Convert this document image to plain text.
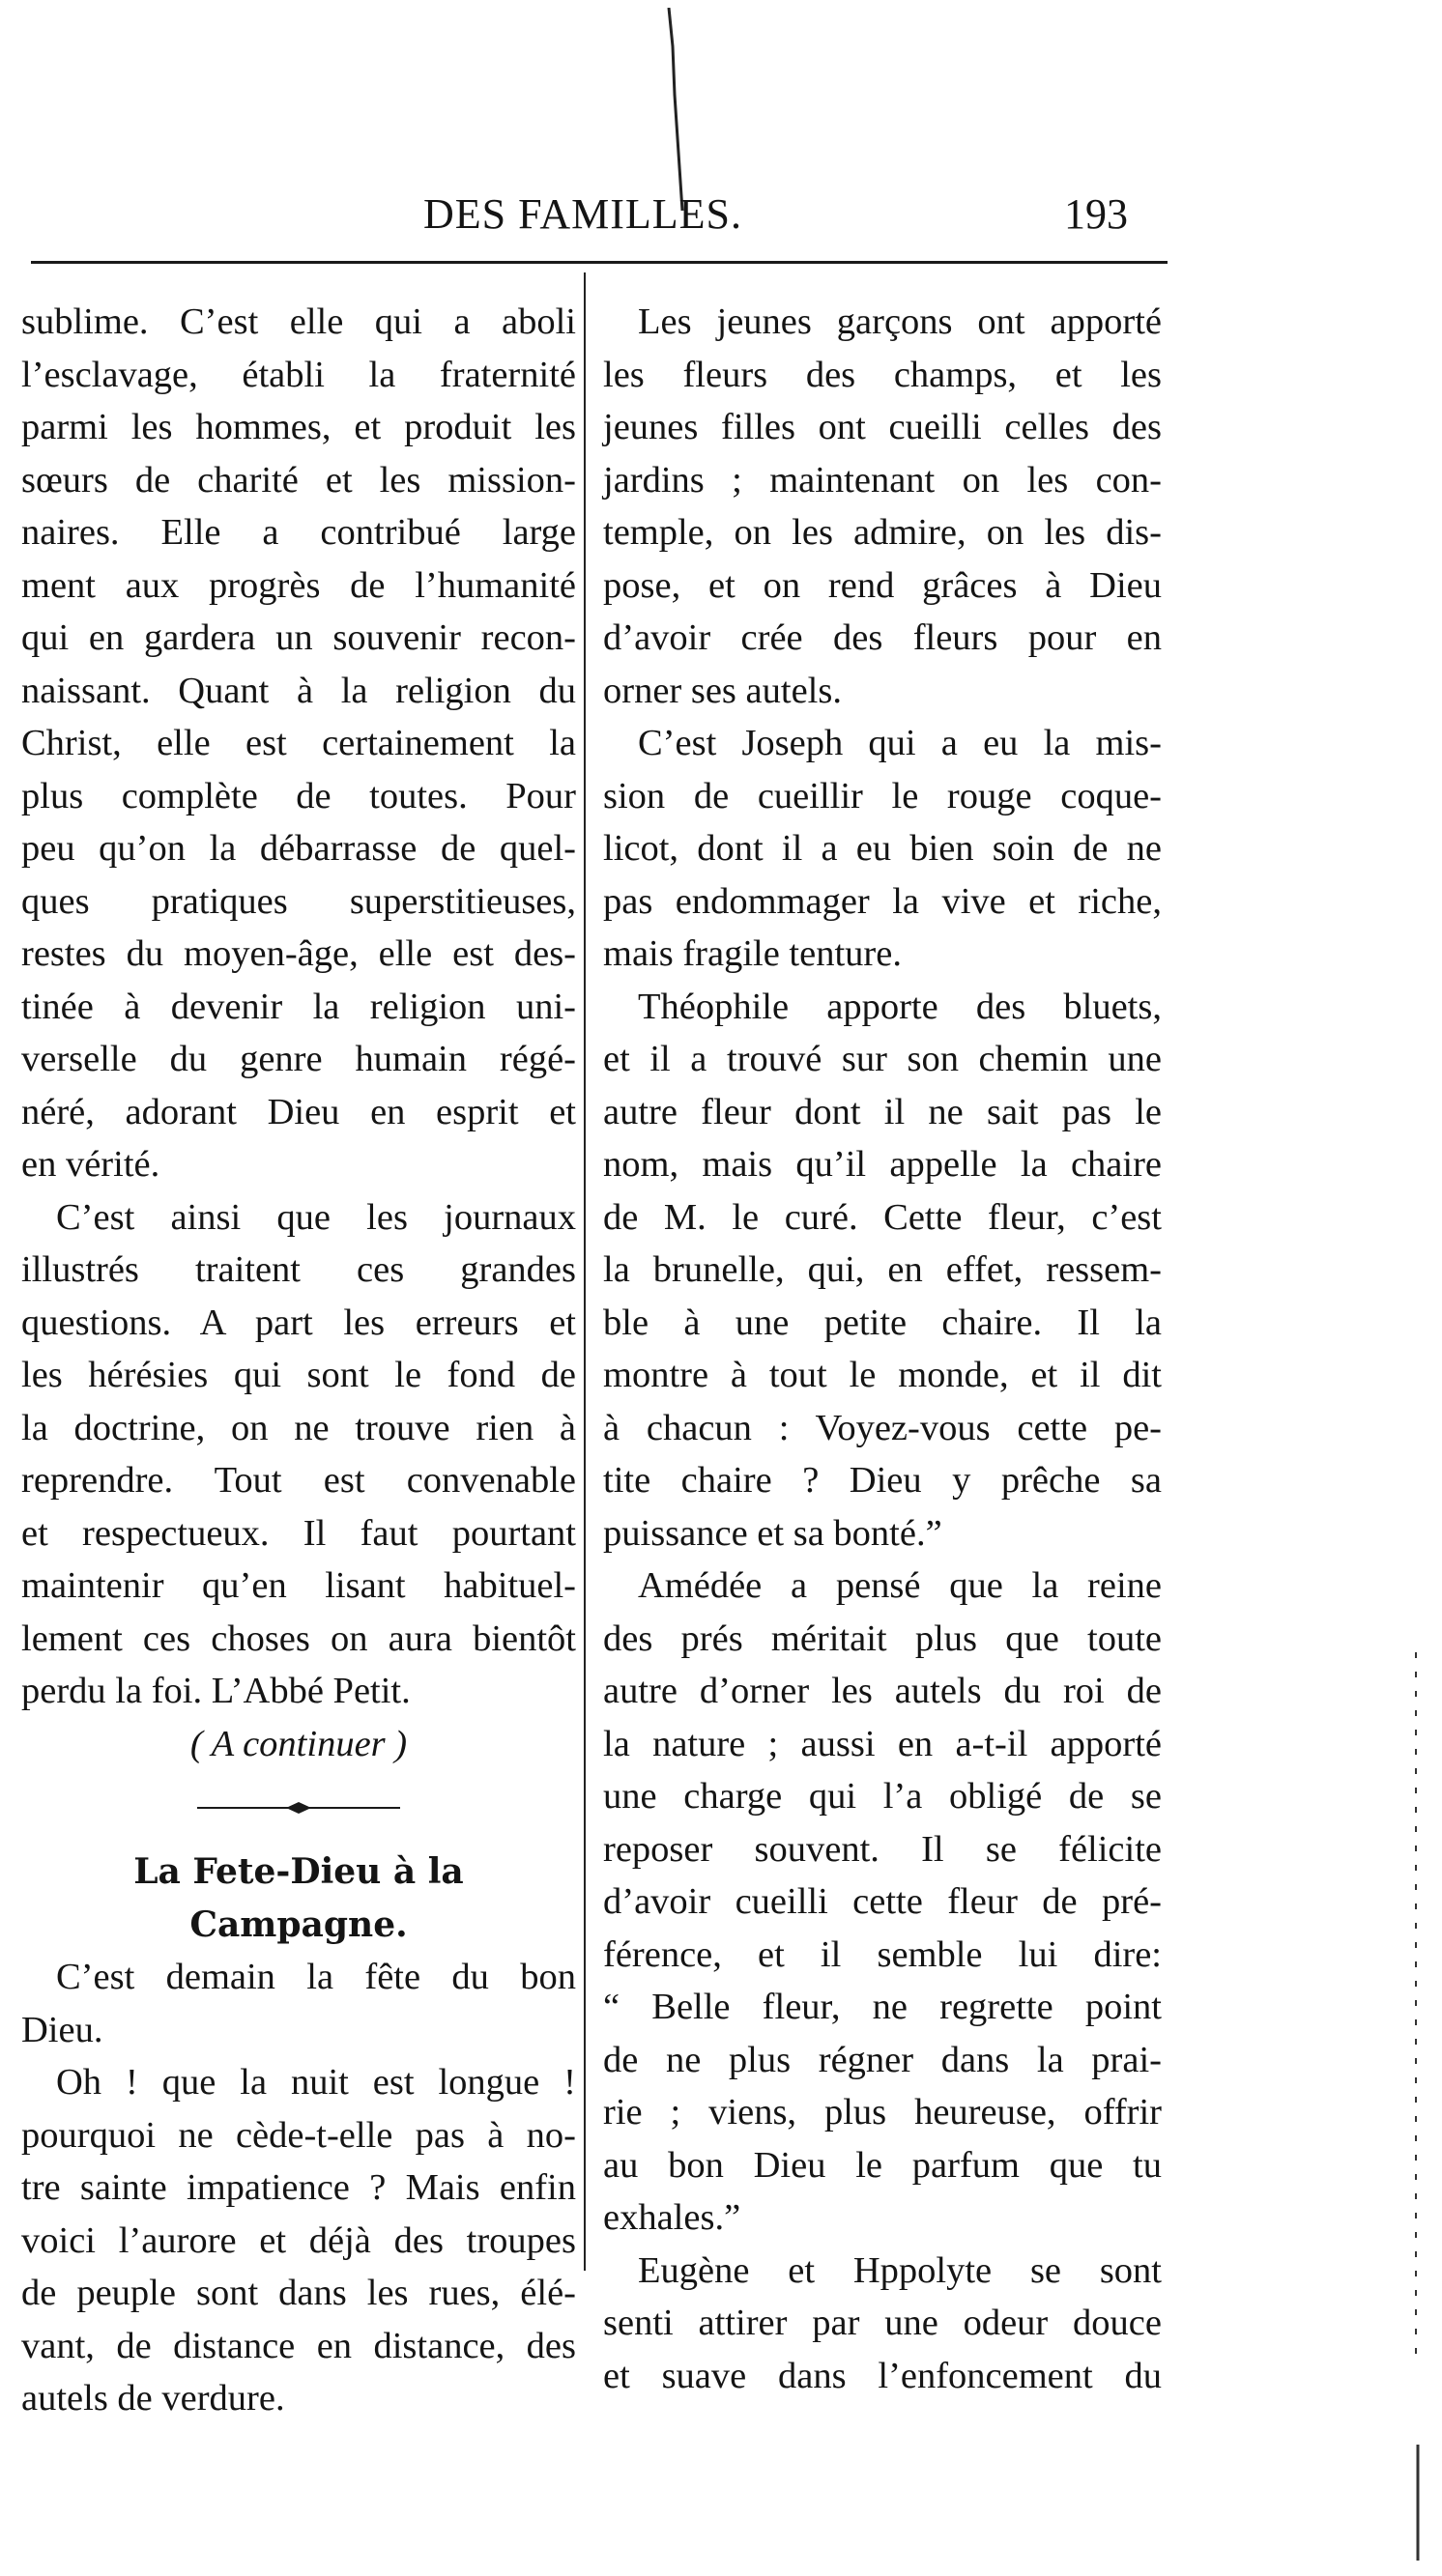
DES FAMILLES.	193
sublime. C’est elle qui a aboli
l’esclavage, établi la fraternité
parmi les hommes, et produit les
sœurs de charité et les mission-
naires. Elle a contribué large
ment aux progrès de l’humanité
qui en gardera un souvenir recon-
naissant. Quant à la religion du
Christ, elle est certainement la
plus complète de toutes. Pour
peu qu’on la débarrasse de quel-
ques pratiques superstitieuses,
restes du moyen-âge, elle est des-
tinée à devenir la religion uni-
verselle du genre humain régé-
néré, adorant Dieu en esprit et
en vérité.
C’est ainsi que les journaux
illustrés traitent ces grandes
questions. A part les erreurs et
les hérésies qui sont le fond de
la doctrine, on ne trouve rien à
reprendre. Tout est convenable
et respectueux. Il faut pourtant
maintenir qu’en lisant habituel-
lement ces choses on aura bientôt
perdu la foi. L’Abbé Petit.
( A continuer )
La Fete-Dieu à la
Campagne.
C’est demain la fête du bon
Dieu.
Oh ! que la nuit est longue !
pourquoi ne cède-t-elle pas à no-
tre sainte impatience ? Mais enfin
voici l’aurore et déjà des troupes
de peuple sont dans les rues, élé-
vant, de distance en distance, des
autels de verdure.
Les jeunes garçons ont apporté
les fleurs des champs, et les
jeunes filles ont cueilli celles des
jardins ; maintenant on les con-
temple, on les admire, on les dis-
pose, et on rend grâces à Dieu
d’avoir crée des fleurs pour en
orner ses autels.
C’est Joseph qui a eu la mis-
sion de cueillir le rouge coque-
licot, dont il a eu bien soin de ne
pas endommager la vive et riche,
mais fragile tenture.
Théophile apporte des bluets,
et il a trouvé sur son chemin une
autre fleur dont il ne sait pas le
nom, mais qu’il appelle la chaire
de M. le curé. Cette fleur, c’est
la brunelle, qui, en effet, ressem-
ble à une petite chaire. Il la
montre à tout le monde, et il dit
à chacun : Voyez-vous cette pe-
tite chaire ? Dieu y prêche sa
puissance et sa bonté.”
Amédée a pensé que la reine
des prés méritait plus que toute
autre d’orner les autels du roi de
la nature ; aussi en a-t-il apporté
une charge qui l’a obligé de se
reposer souvent. Il se félicite
d’avoir cueilli cette fleur de pré-
férence, et il semble lui dire:
“ Belle fleur, ne regrette point
de ne plus régner dans la prai-
rie ; viens, plus heureuse, offrir
au bon Dieu le parfum que tu
exhales.”
Eugène et Hppolyte se sont
senti attirer par une odeur douce
et suave dans l’enfoncement du
